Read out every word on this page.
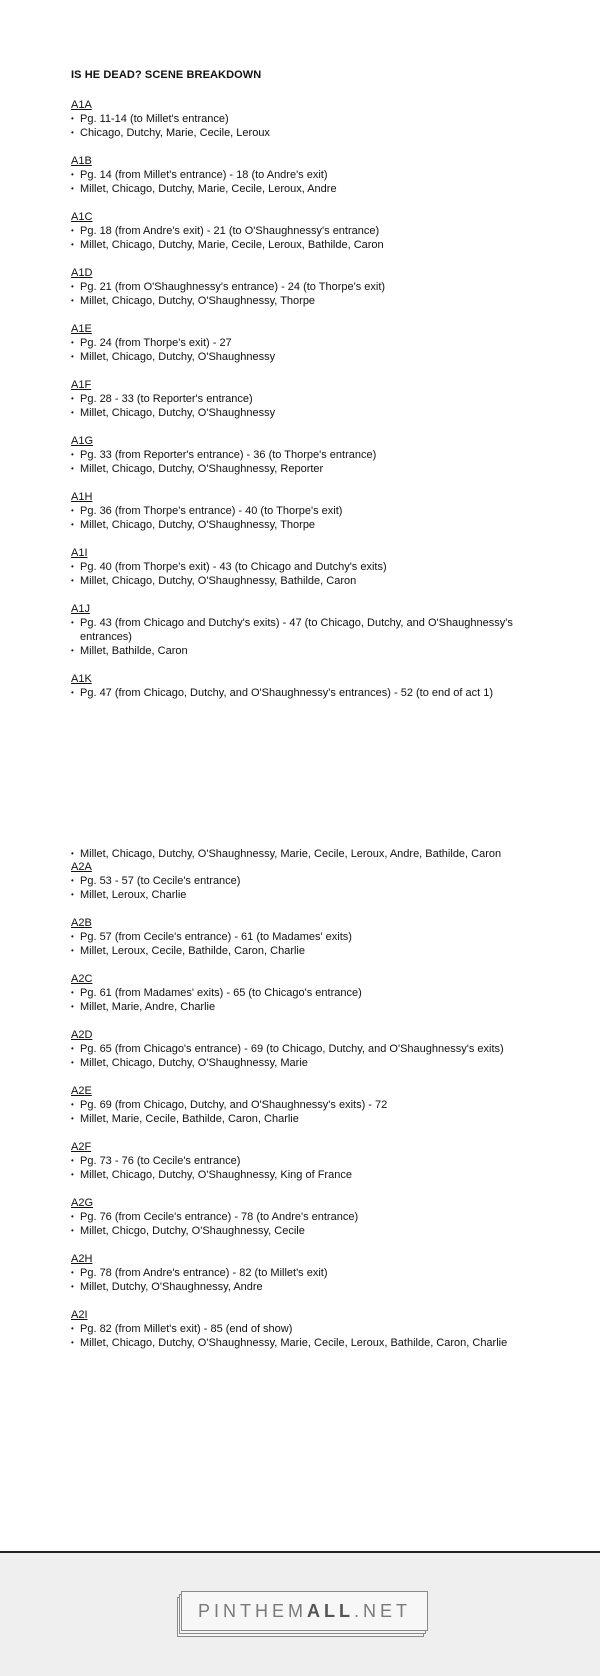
IS HE DEAD? SCENE BREAKDOWN
A1A
• Pg. 11-14 (to Millet's entrance)
• Chicago, Dutchy, Marie, Cecile, Leroux
A1B
• Pg. 14 (from Millet's entrance) - 18 (to Andre's exit)
• Millet, Chicago, Dutchy, Marie, Cecile, Leroux, Andre
A1C
• Pg. 18 (from Andre's exit) - 21 (to O'Shaughnessy's entrance)
• Millet, Chicago, Dutchy, Marie, Cecile, Leroux, Bathilde, Caron
A1D
• Pg. 21 (from O'Shaughnessy's entrance) - 24 (to Thorpe's exit)
• Millet, Chicago, Dutchy, O'Shaughnessy, Thorpe
A1E
• Pg. 24 (from Thorpe's exit) - 27
• Millet, Chicago, Dutchy, O'Shaughnessy
A1F
• Pg. 28 - 33 (to Reporter's entrance)
• Millet, Chicago, Dutchy, O'Shaughnessy
A1G
• Pg. 33 (from Reporter's entrance) - 36 (to Thorpe's entrance)
• Millet, Chicago, Dutchy, O'Shaughnessy, Reporter
A1H
• Pg. 36 (from Thorpe's entrance) - 40 (to Thorpe's exit)
• Millet, Chicago, Dutchy, O'Shaughnessy, Thorpe
A1I
• Pg. 40 (from Thorpe's exit) - 43 (to Chicago and Dutchy's exits)
• Millet, Chicago, Dutchy, O'Shaughnessy, Bathilde, Caron
A1J
• Pg. 43 (from Chicago and Dutchy's exits) - 47 (to Chicago, Dutchy, and O'Shaughnessy's entrances)
• Millet, Bathilde, Caron
A1K
• Pg. 47 (from Chicago, Dutchy, and O'Shaughnessy's entrances) - 52 (to end of act 1)
• Millet, Chicago, Dutchy, O'Shaughnessy, Marie, Cecile, Leroux, Andre, Bathilde, Caron
A2A
• Pg. 53 - 57 (to Cecile's entrance)
• Millet, Leroux, Charlie
A2B
• Pg. 57 (from Cecile's entrance) - 61 (to Madames' exits)
• Millet, Leroux, Cecile, Bathilde, Caron, Charlie
A2C
• Pg. 61 (from Madames' exits) - 65 (to Chicago's entrance)
• Millet, Marie, Andre, Charlie
A2D
• Pg. 65 (from Chicago's entrance) - 69 (to Chicago, Dutchy, and O'Shaughnessy's exits)
• Millet, Chicago, Dutchy, O'Shaughnessy, Marie
A2E
• Pg. 69 (from Chicago, Dutchy, and O'Shaughnessy's exits) - 72
• Millet, Marie, Cecile, Bathilde, Caron, Charlie
A2F
• Pg. 73 - 76 (to Cecile's entrance)
• Millet, Chicago, Dutchy, O'Shaughnessy, King of France
A2G
• Pg. 76 (from Cecile's entrance) - 78 (to Andre's entrance)
• Millet, Chicgo, Dutchy, O'Shaughnessy, Cecile
A2H
• Pg. 78 (from Andre's entrance) - 82 (to Millet's exit)
• Millet, Dutchy, O'Shaughnessy, Andre
A2I
• Pg. 82 (from Millet's exit) - 85 (end of show)
• Millet, Chicago, Dutchy, O'Shaughnessy, Marie, Cecile, Leroux, Bathilde, Caron, Charlie
PINTHEMALL.NET
